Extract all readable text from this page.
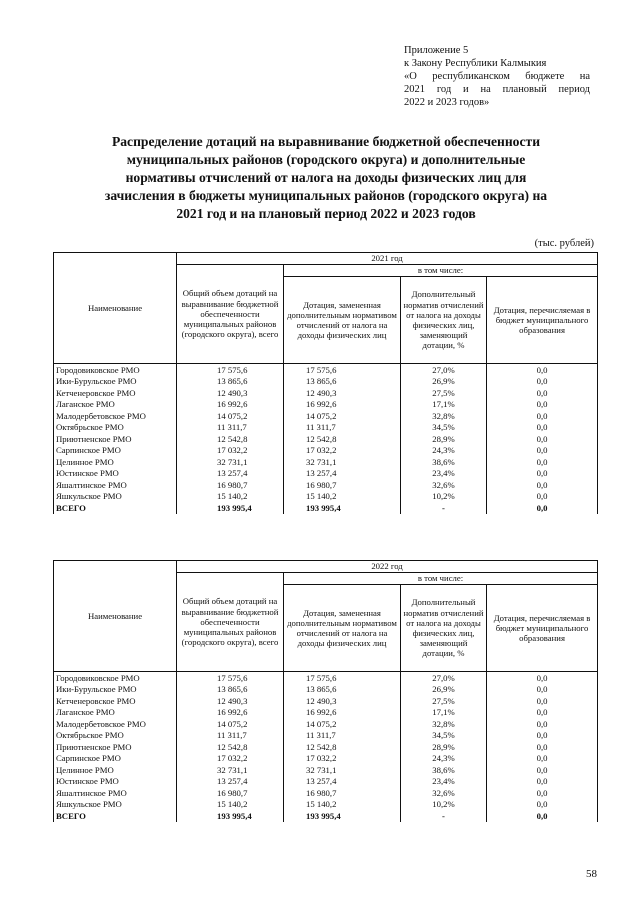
Приложение 5
к Закону Республики Калмыкия
«О республиканском бюджете на
2021 год и на плановый период
2022 и 2023 годов»
Распределение дотаций на выравнивание бюджетной обеспеченности
муниципальных районов (городского округа) и дополнительные
нормативы отчислений от налога на доходы физических лиц для
зачисления в бюджеты муниципальных районов (городского округа) на
2021 год и на плановый период 2022 и 2023 годов
(тыс. рублей)
Наименование	2021 год			
	Общий объем дотаций на выравнивание бюджетной обеспеченности муниципальных районов (городского округа), всего	в том числе:		
		Дотация, замененная дополнительным нормативом отчислений от налога на доходы физических лиц	Дополнительный норматив отчислений от налога на доходы физических лиц, заменяющий дотации, %	Дотация, перечисляемая в бюджет муниципального образования
Городовиковское РМО	17 575,6	17 575,6	27,0%	0,0
Ики-Бурульское РМО	13 865,6	13 865,6	26,9%	0,0
Кетченеровское РМО	12 490,3	12 490,3	27,5%	0,0
Лаганское РМО	16 992,6	16 992,6	17,1%	0,0
Малодербетовское РМО	14 075,2	14 075,2	32,8%	0,0
Октябрьское РМО	11 311,7	11 311,7	34,5%	0,0
Приютненское РМО	12 542,8	12 542,8	28,9%	0,0
Сарпинское РМО	17 032,2	17 032,2	24,3%	0,0
Целинное РМО	32 731,1	32 731,1	38,6%	0,0
Юстинское РМО	13 257,4	13 257,4	23,4%	0,0
Яшалтинское РМО	16 980,7	16 980,7	32,6%	0,0
Яшкульское РМО	15 140,2	15 140,2	10,2%	0,0
ВСЕГО	193 995,4	193 995,4	-	0,0
Наименование	2022 год			
	Общий объем дотаций на выравнивание бюджетной обеспеченности муниципальных районов (городского округа), всего	в том числе:		
		Дотация, замененная дополнительным нормативом отчислений от налога на доходы физических лиц	Дополнительный норматив отчислений от налога на доходы физических лиц, заменяющий дотации, %	Дотация, перечисляемая в бюджет муниципального образования
Городовиковское РМО	17 575,6	17 575,6	27,0%	0,0
Ики-Бурульское РМО	13 865,6	13 865,6	26,9%	0,0
Кетченеровское РМО	12 490,3	12 490,3	27,5%	0,0
Лаганское РМО	16 992,6	16 992,6	17,1%	0,0
Малодербетовское РМО	14 075,2	14 075,2	32,8%	0,0
Октябрьское РМО	11 311,7	11 311,7	34,5%	0,0
Приютненское РМО	12 542,8	12 542,8	28,9%	0,0
Сарпинское РМО	17 032,2	17 032,2	24,3%	0,0
Целинное РМО	32 731,1	32 731,1	38,6%	0,0
Юстинское РМО	13 257,4	13 257,4	23,4%	0,0
Яшалтинское РМО	16 980,7	16 980,7	32,6%	0,0
Яшкульское РМО	15 140,2	15 140,2	10,2%	0,0
ВСЕГО	193 995,4	193 995,4	-	0,0
58
